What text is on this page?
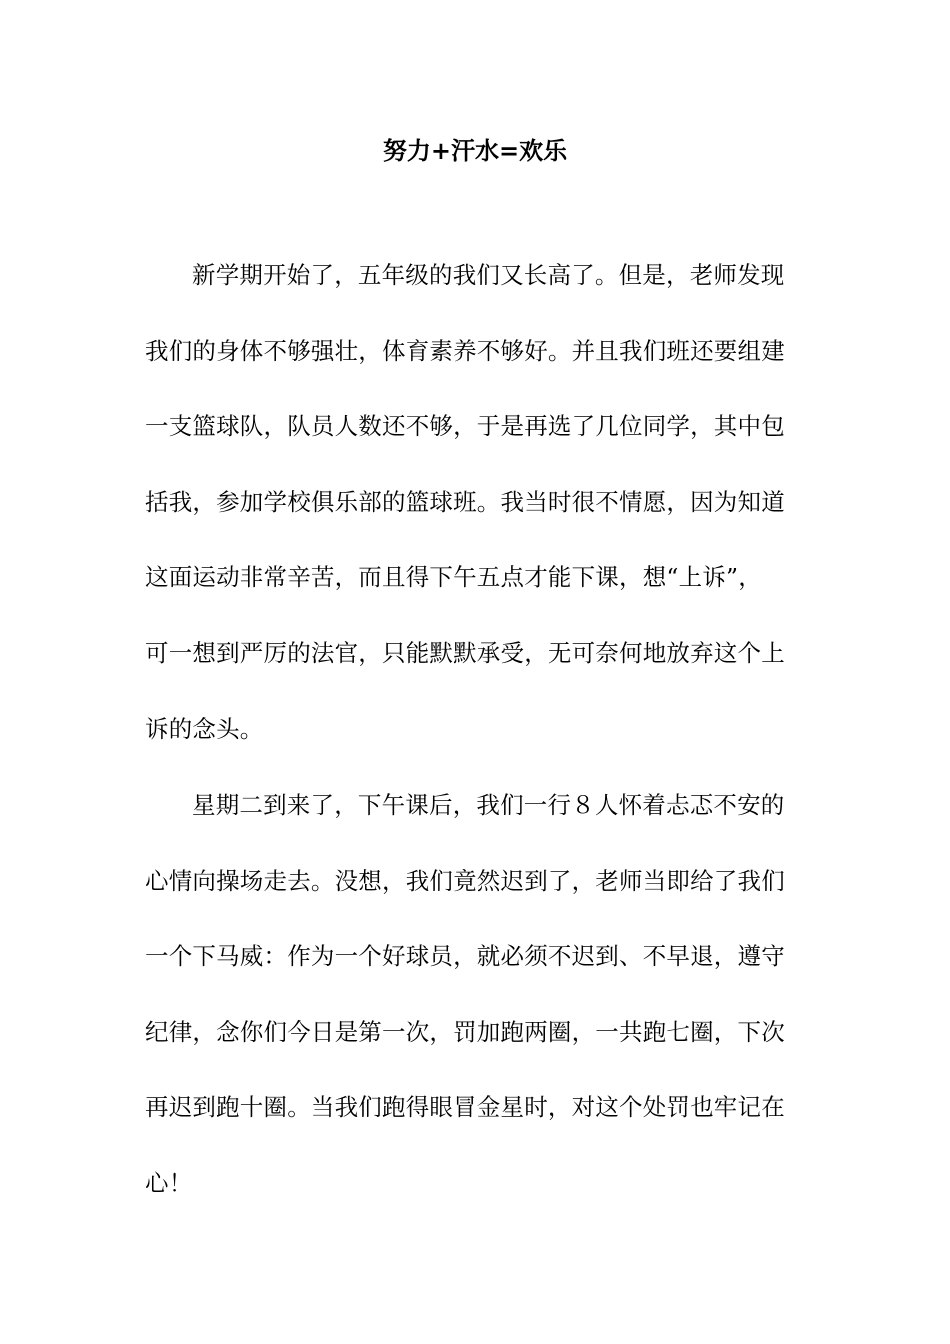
努力+汗水=欢乐
新学期开始了，五年级的我们又长高了。但是，老师发现
我们的身体不够强壮，体育素养不够好。并且我们班还要组建
一支篮球队，队员人数还不够，于是再选了几位同学，其中包
括我，参加学校俱乐部的篮球班。我当时很不情愿，因为知道
这面运动非常辛苦，而且得下午五点才能下课，想“上诉”，
可一想到严厉的法官，只能默默承受，无可奈何地放弃这个上
诉的念头。
星期二到来了，下午课后，我们一行８人怀着忐忑不安的
心情向操场走去。没想，我们竟然迟到了，老师当即给了我们
一个下马威：作为一个好球员，就必须不迟到、不早退，遵守
纪律，念你们今日是第一次，罚加跑两圈，一共跑七圈，下次
再迟到跑十圈。当我们跑得眼冒金星时，对这个处罚也牢记在
心！
